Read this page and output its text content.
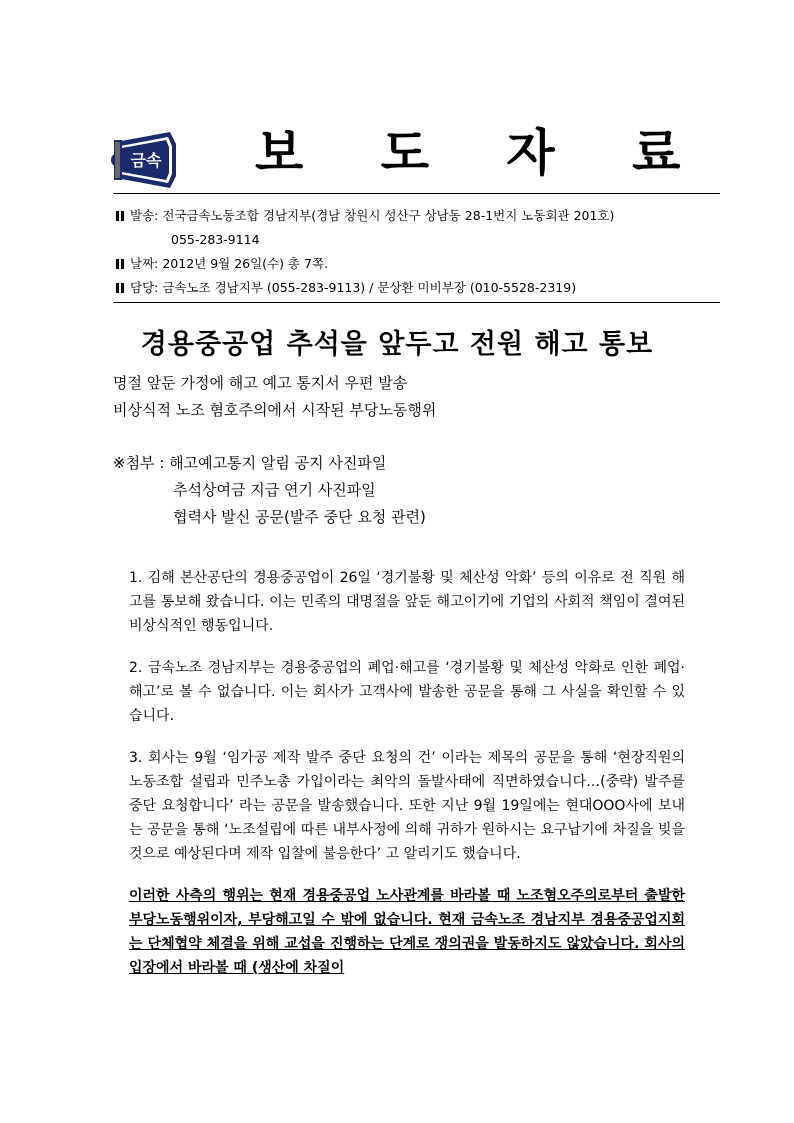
금속 보 도 자 료
발송: 전국금속노동조합 경남지부(경남 창원시 성산구 상남동 28-1번지 노동회관 201호)
055-283-9114
날짜: 2012년 9월 26일(수) 총 7쪽.
담당: 금속노조 경남지부 (055-283-9113) / 문상환 미비부장 (010-5528-2319)
경용중공업 추석을 앞두고 전원 해고 통보
명절 앞둔 가정에 해고 예고 통지서 우편 발송
비상식적 노조 혐호주의에서 시작된 부당노동행위
※첨부 : 해고예고통지 알림 공지 사진파일
추석상여금 지급 연기 사진파일
협력사 발신 공문(발주 중단 요청 관련)

1. 김해 본산공단의 경용중공업이 26일 ‘경기불황 및 체산성 악화’ 등의 이유로 전 직원 해고를 통보해 왔습니다. 이는 민족의 대명절을 앞둔 해고이기에 기업의 사회적 책임이 결여된 비상식적인 행동입니다.

2. 금속노조 경남지부는 경용중공업의 폐업·해고를 ‘경기불황 및 체산성 악화로 인한 폐업·해고’로 볼 수 없습니다. 이는 회사가 고객사에 발송한 공문을 통해 그 사실을 확인할 수 있습니다.

3. 회사는 9월 ‘임가공 제작 발주 중단 요청의 건’ 이라는 제목의 공문을 통해 ‘현장직원의 노동조합 설립과 민주노총 가입이라는 최악의 돌발사태에 직면하였습니다…(중략) 발주를 중단 요청합니다’ 라는 공문을 발송했습니다. 또한 지난 9월 19일에는 현대OOO사에 보내는 공문을 통해 ‘노조설립에 따른 내부사정에 의해 귀하가 원하시는 요구납기에 차질을 빚을 것으로 예상된다며 제작 입찰에 불응한다’ 고 알리기도 했습니다.

이러한 사측의 행위는 현재 경용중공업 노사관계를 바라볼 때 노조혐오주의로부터 출발한 부당노동행위이자, 부당해고일 수 밖에 없습니다. 현재 금속노조 경남지부 경용중공업지회는 단체협약 체결을 위해 교섭을 진행하는 단계로 쟁의권을 발동하지도 않았습니다. 회사의 입장에서 바라볼 때 (생산에 차질이
